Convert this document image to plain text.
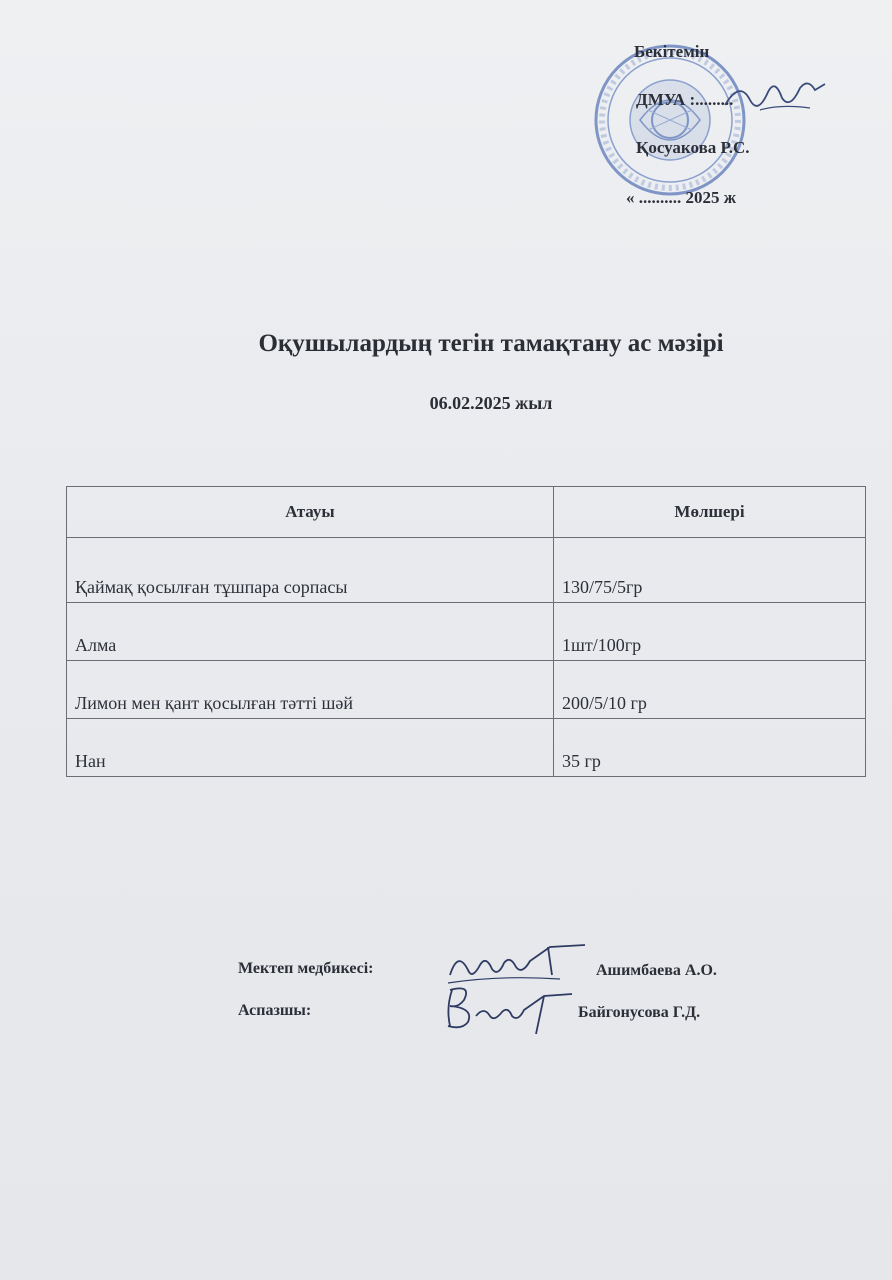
Бекітемін
ДМУА :.........
Қосуакова Р.С.
« .......... 2025 ж
Оқушылардың тегін тамақтану ас мәзірі
06.02.2025 жыл
Атауы	Мөлшері
Қаймақ қосылған тұшпара сорпасы	130/75/5гр
Алма	1шт/100гр
Лимон мен қант қосылған тәтті шәй	200/5/10 гр
Нан	35 гр
Мектеп медбикесі:	Ашимбаева А.О.
Аспазшы:	Байгонусова Г.Д.
